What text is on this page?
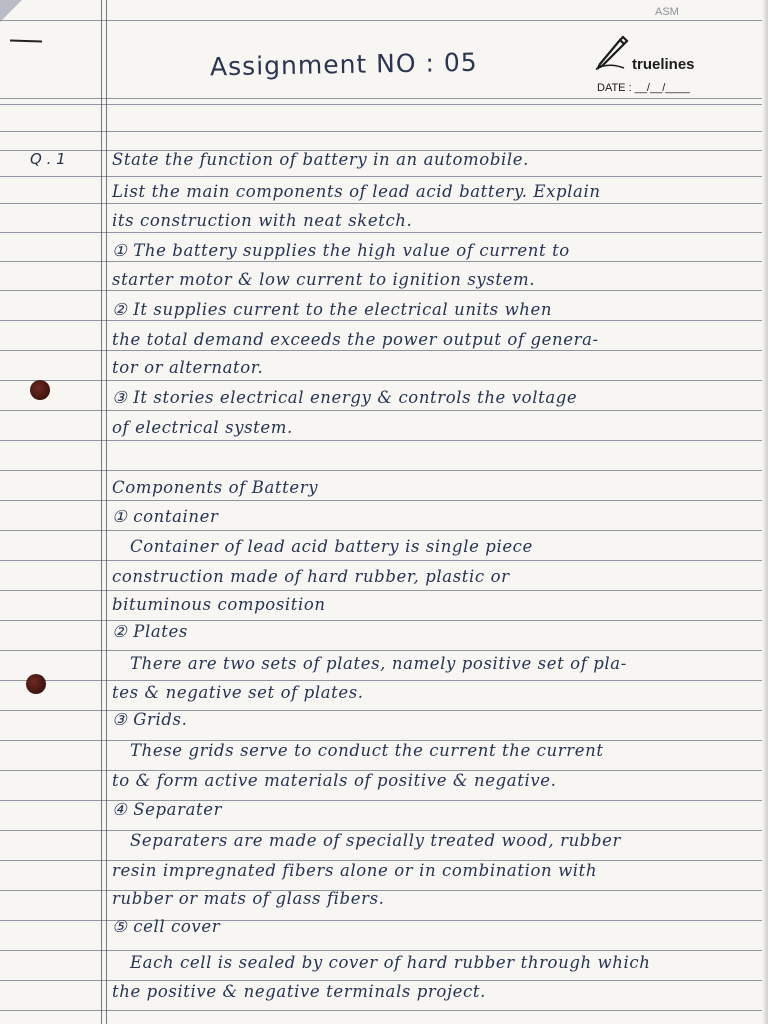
ASM
Assignment NO : 05	truelines
DATE : __/__/____
Q . 1	State the function of battery in an automobile.
List the main components of lead acid battery. Explain
its construction with neat sketch.
① The battery supplies the high value of current to
starter motor & low current to ignition system.
② It supplies current to the electrical units when
the total demand exceeds the power output of genera-
tor or alternator.
③ It stories electrical energy & controls the voltage
of electrical system.
Components of Battery
① container
Container of lead acid battery is single piece
construction made of hard rubber, plastic or
bituminous composition
② Plates
There are two sets of plates, namely positive set of pla-
tes & negative set of plates.
③ Grids.
These grids serve to conduct the current the current
to & form active materials of positive & negative.
④ Separater
Separaters are made of specially treated wood, rubber
resin impregnated fibers alone or in combination with
rubber or mats of glass fibers.
⑤ cell cover
Each cell is sealed by cover of hard rubber through which
the positive & negative terminals project.
